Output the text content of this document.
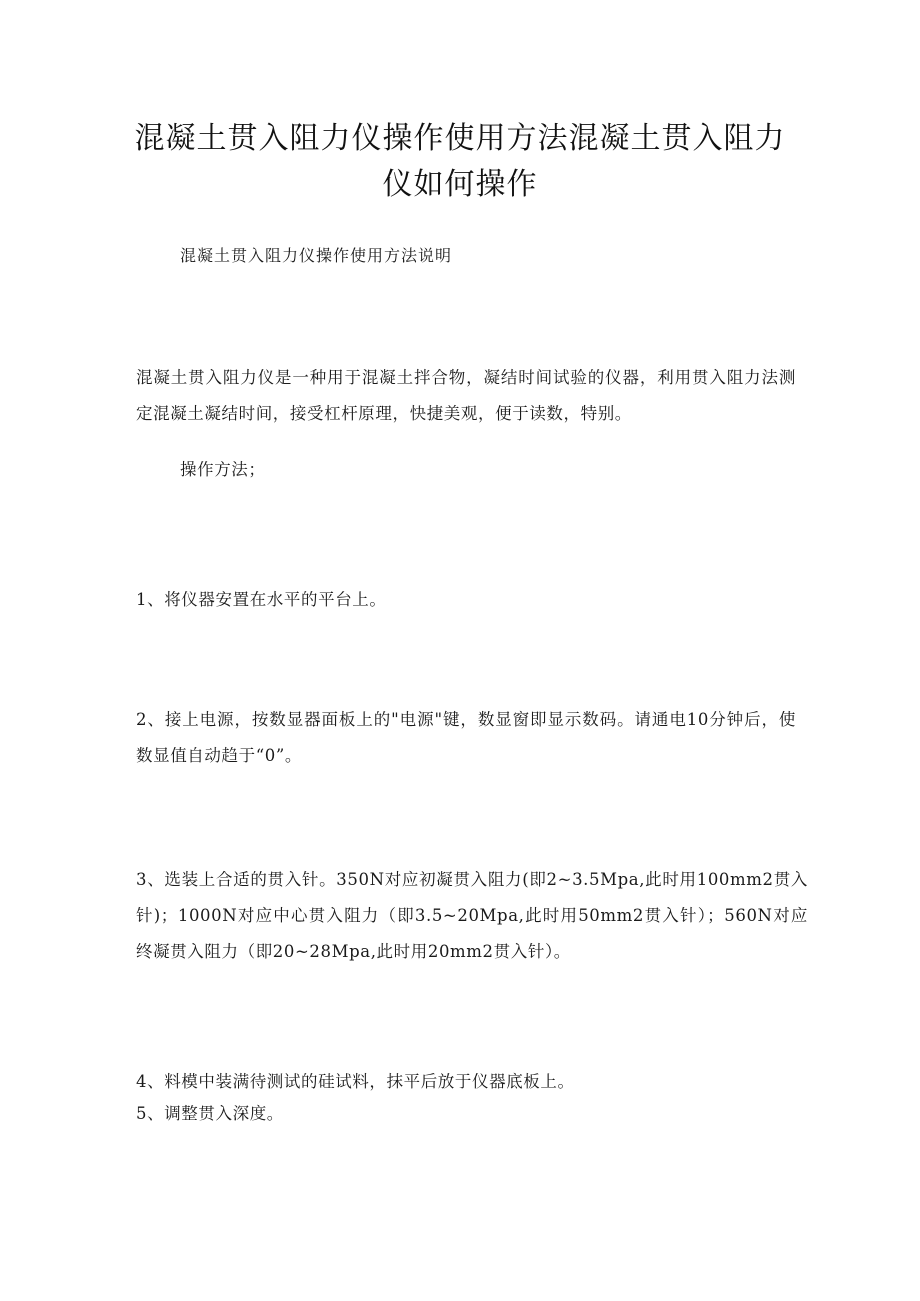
混凝土贯入阻力仪操作使用方法混凝土贯入阻力仪如何操作
混凝土贯入阻力仪操作使用方法说明
混凝土贯入阻力仪是一种用于混凝土拌合物，凝结时间试验的仪器，利用贯入阻力法测定混凝土凝结时间，接受杠杆原理，快捷美观，便于读数，特别。
操作方法；
1、将仪器安置在水平的平台上。
2、接上电源，按数显器面板上的"电源"键，数显窗即显示数码。请通电10分钟后，使数显值自动趋于“0”。
3、选装上合适的贯入针。350N对应初凝贯入阻力(即2~3.5Mpa,此时用100mm2贯入针)；1000N对应中心贯入阻力（即3.5~20Mpa,此时用50mm2贯入针）；560N对应终凝贯入阻力（即20~28Mpa,此时用20mm2贯入针）。
4、料模中装满待测试的硅试料，抹平后放于仪器底板上。
5、调整贯入深度。
